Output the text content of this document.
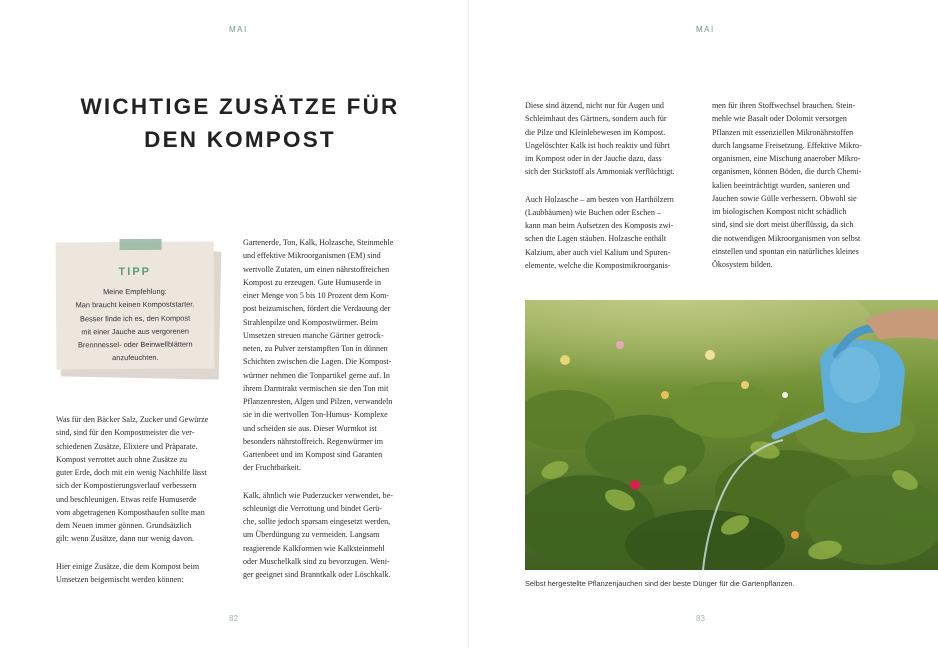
MAI
WICHTIGE ZUSÄTZE FÜR
DEN KOMPOST
TIPP
Meine Empfehlung:
Man braucht keinen Kompoststarter.
Besser finde ich es, den Kompost
mit einer Jauche aus vergorenen
Brennnessel- oder Beinwellblättern
anzufeuchten.

Was für den Bäcker Salz, Zucker und Gewürze
sind, sind für den Kompostmeister die ver-
schiedenen Zusätze, Elixiere und Präparate.
Kompost verrottet auch ohne Zusätze zu
guter Erde, doch mit ein wenig Nachhilfe lässt
sich der Kompostierungsverlauf verbessern
und beschleunigen. Etwas reife Humuserde
vom abgetragenen Komposthaufen sollte man
dem Neuen immer gönnen. Grundsätzlich
gilt: wenn Zusätze, dann nur wenig davon.

Hier einige Zusätze, die dem Kompost beim
Umsetzen beigemischt werden können:

Gartenerde, Ton, Kalk, Holzasche, Steinmehle
und effektive Mikroorganismen (EM) sind
wertvolle Zutaten, um einen nährstoffreichen
Kompost zu erzeugen. Gute Humuserde in
einer Menge von 5 bis 10 Prozent dem Kom-
post beizumischen, fördert die Verdauung der
Strahlenpilze und Kompostwürmer. Beim
Umsetzen streuen manche Gärtner getrock-
neten, zu Pulver zerstampften Ton in dünnen
Schichten zwischen die Lagen. Die Kompost-
würmer nehmen die Tonpartikel gerne auf. In
ihrem Darmtrakt vermischen sie den Ton mit
Pflanzenresten, Algen und Pilzen, verwandeln
sie in die wertvollen Ton-Humus- Komplexe
und scheiden sie aus. Dieser Wurmkot ist
besonders nährstoffreich. Regenwürmer im
Gartenbeet und im Kompost sind Garanten
der Fruchtbarkeit.

Kalk, ähnlich wie Puderzucker verwendet, be-
schleunigt die Verrottung und bindet Gerü-
che, sollte jedoch sparsam eingesetzt werden,
um Überdüngung zu vermeiden. Langsam
reagierende Kalkformen wie Kalksteinmehl
oder Muschelkalk sind zu bevorzugen. Weni-
ger geeignet sind Branntkalk oder Löschkalk.

82
MAI

Diese sind ätzend, nicht nur für Augen und
Schleimhaut des Gärtners, sondern auch für
die Pilze und Kleinlebewesen im Kompost.
Ungelöschter Kalk ist hoch reaktiv und führt
im Kompost oder in der Jauche dazu, dass
sich der Stickstoff als Ammoniak verflüchtigt.

Auch Holzasche – am besten von Harthölzern
(Laubbäumen) wie Buchen oder Eschen –
kann man beim Aufsetzen des Komposts zwi-
schen die Lagen stäuben. Holzasche enthält
Kalzium, aber auch viel Kalium und Spuren-
elemente, welche die Kompostmikroorganis-

men für ihren Stoffwechsel brauchen. Stein-
mehle wie Basalt oder Dolomit versorgen
Pflanzen mit essenziellen Mikronährstoffen
durch langsame Freisetzung. Effektive Mikro-
organismen, eine Mischung anaerober Mikro-
organismen, können Böden, die durch Chemi-
kalien beeinträchtigt wurden, sanieren und
Jauchen sowie Gülle verbessern. Obwohl sie
im biologischen Kompost nicht schädlich
sind, sind sie dort meist überflüssig, da sich
die notwendigen Mikroorganismen von selbst
einstellen und spontan ein natürliches kleines
Ökosystem bilden.

Selbst hergestellte Pflanzenjauchen sind der beste Dünger für die Gartenpflanzen.
83
